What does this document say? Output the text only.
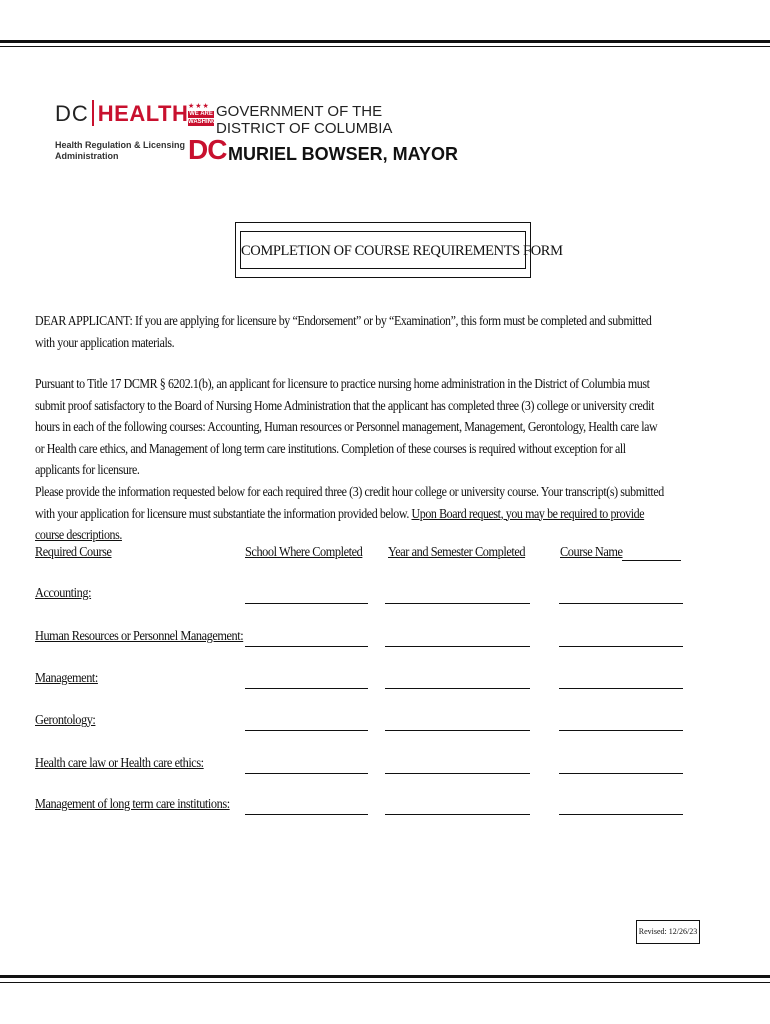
DC HEALTH
Health Regulation & Licensing
Administration
★★★
WE ARE
WASHINGTON
DC
GOVERNMENT OF THE
DISTRICT OF COLUMBIA
MURIEL BOWSER, MAYOR
COMPLETION OF COURSE REQUIREMENTS FORM
DEAR APPLICANT: If you are applying for licensure by “Endorsement” or by “Examination”, this form must be completed and submitted with your application materials.
Pursuant to Title 17 DCMR § 6202.1(b), an applicant for licensure to practice nursing home administration in the District of Columbia must submit proof satisfactory to the Board of Nursing Home Administration that the applicant has completed three (3) college or university credit hours in each of the following courses: Accounting, Human resources or Personnel management, Management, Gerontology, Health care law or Health care ethics, and Management of long term care institutions. Completion of these courses is required without exception for all applicants for licensure.
Please provide the information requested below for each required three (3) credit hour college or university course. Your transcript(s) submitted with your application for licensure must substantiate the information provided below. Upon Board request, you may be required to provide course descriptions.
Required Course	School Where Completed Year and Semester Completed Course Name
Accounting:
Human Resources or Personnel Management:
Management:
Gerontology:
Health care law or Health care ethics:
Management of long term care institutions:
Revised: 12/26/23
